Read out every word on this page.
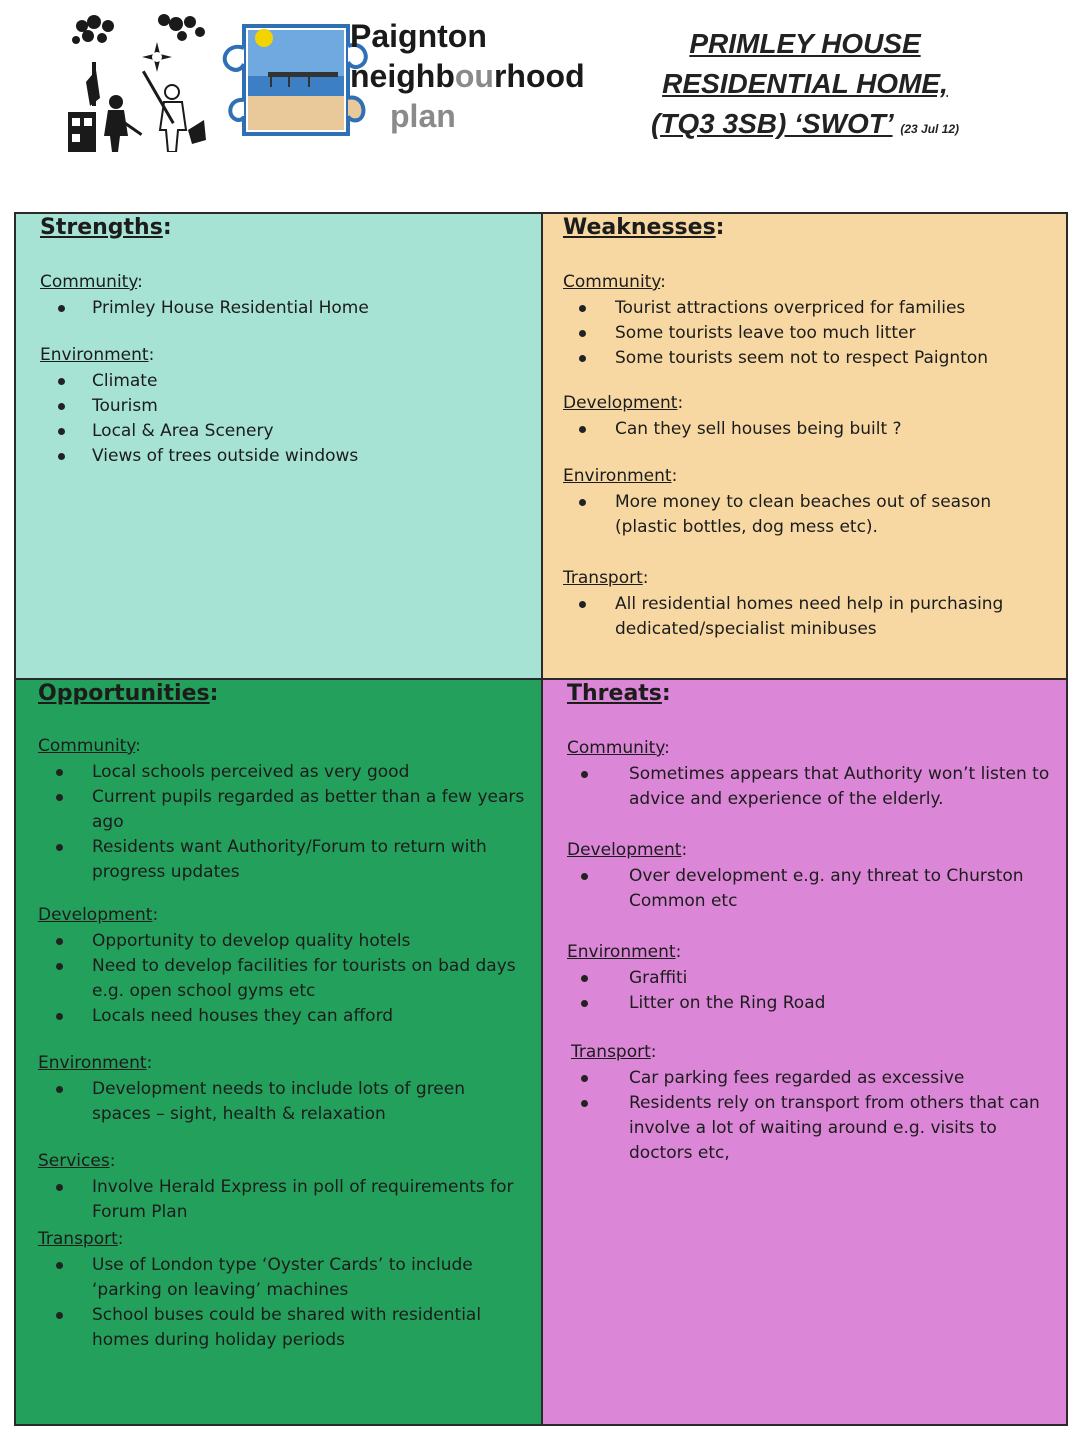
Paignton
neighbourhood
plan
PRIMLEY HOUSE
RESIDENTIAL HOME,
(TQ3 3SB) ‘SWOT’ (23 Jul 12)
Strengths:
Community:
Primley House Residential Home
Environment:
Climate
Tourism
Local & Area Scenery
Views of trees outside windows
Weaknesses:
Community:
Tourist attractions overpriced for families
Some tourists leave too much litter
Some tourists seem not to respect Paignton
Development:
Can they sell houses being built ?
Environment:
More money to clean beaches out of season (plastic bottles, dog mess etc).
Transport:
All residential homes need help in purchasing dedicated/specialist minibuses
Opportunities:
Community:
Local schools perceived as very good
Current pupils regarded as better than a few years ago
Residents want Authority/Forum to return with progress updates
Development:
Opportunity to develop quality hotels
Need to develop facilities for tourists on bad days e.g. open school gyms etc
Locals need houses they can afford
Environment:
Development needs to include lots of green spaces – sight, health & relaxation
Services:
Involve Herald Express in poll of requirements for Forum Plan
Transport:
Use of London type ‘Oyster Cards’ to include ‘parking on leaving’ machines
School buses could be shared with residential homes during holiday periods
Threats:
Community:
Sometimes appears that Authority won’t listen to advice and experience of the elderly.
Development:
Over development e.g. any threat to Churston Common etc
Environment:
Graffiti
Litter on the Ring Road
Transport:
Car parking fees regarded as excessive
Residents rely on transport from others that can involve a lot of waiting around e.g. visits to doctors etc,
